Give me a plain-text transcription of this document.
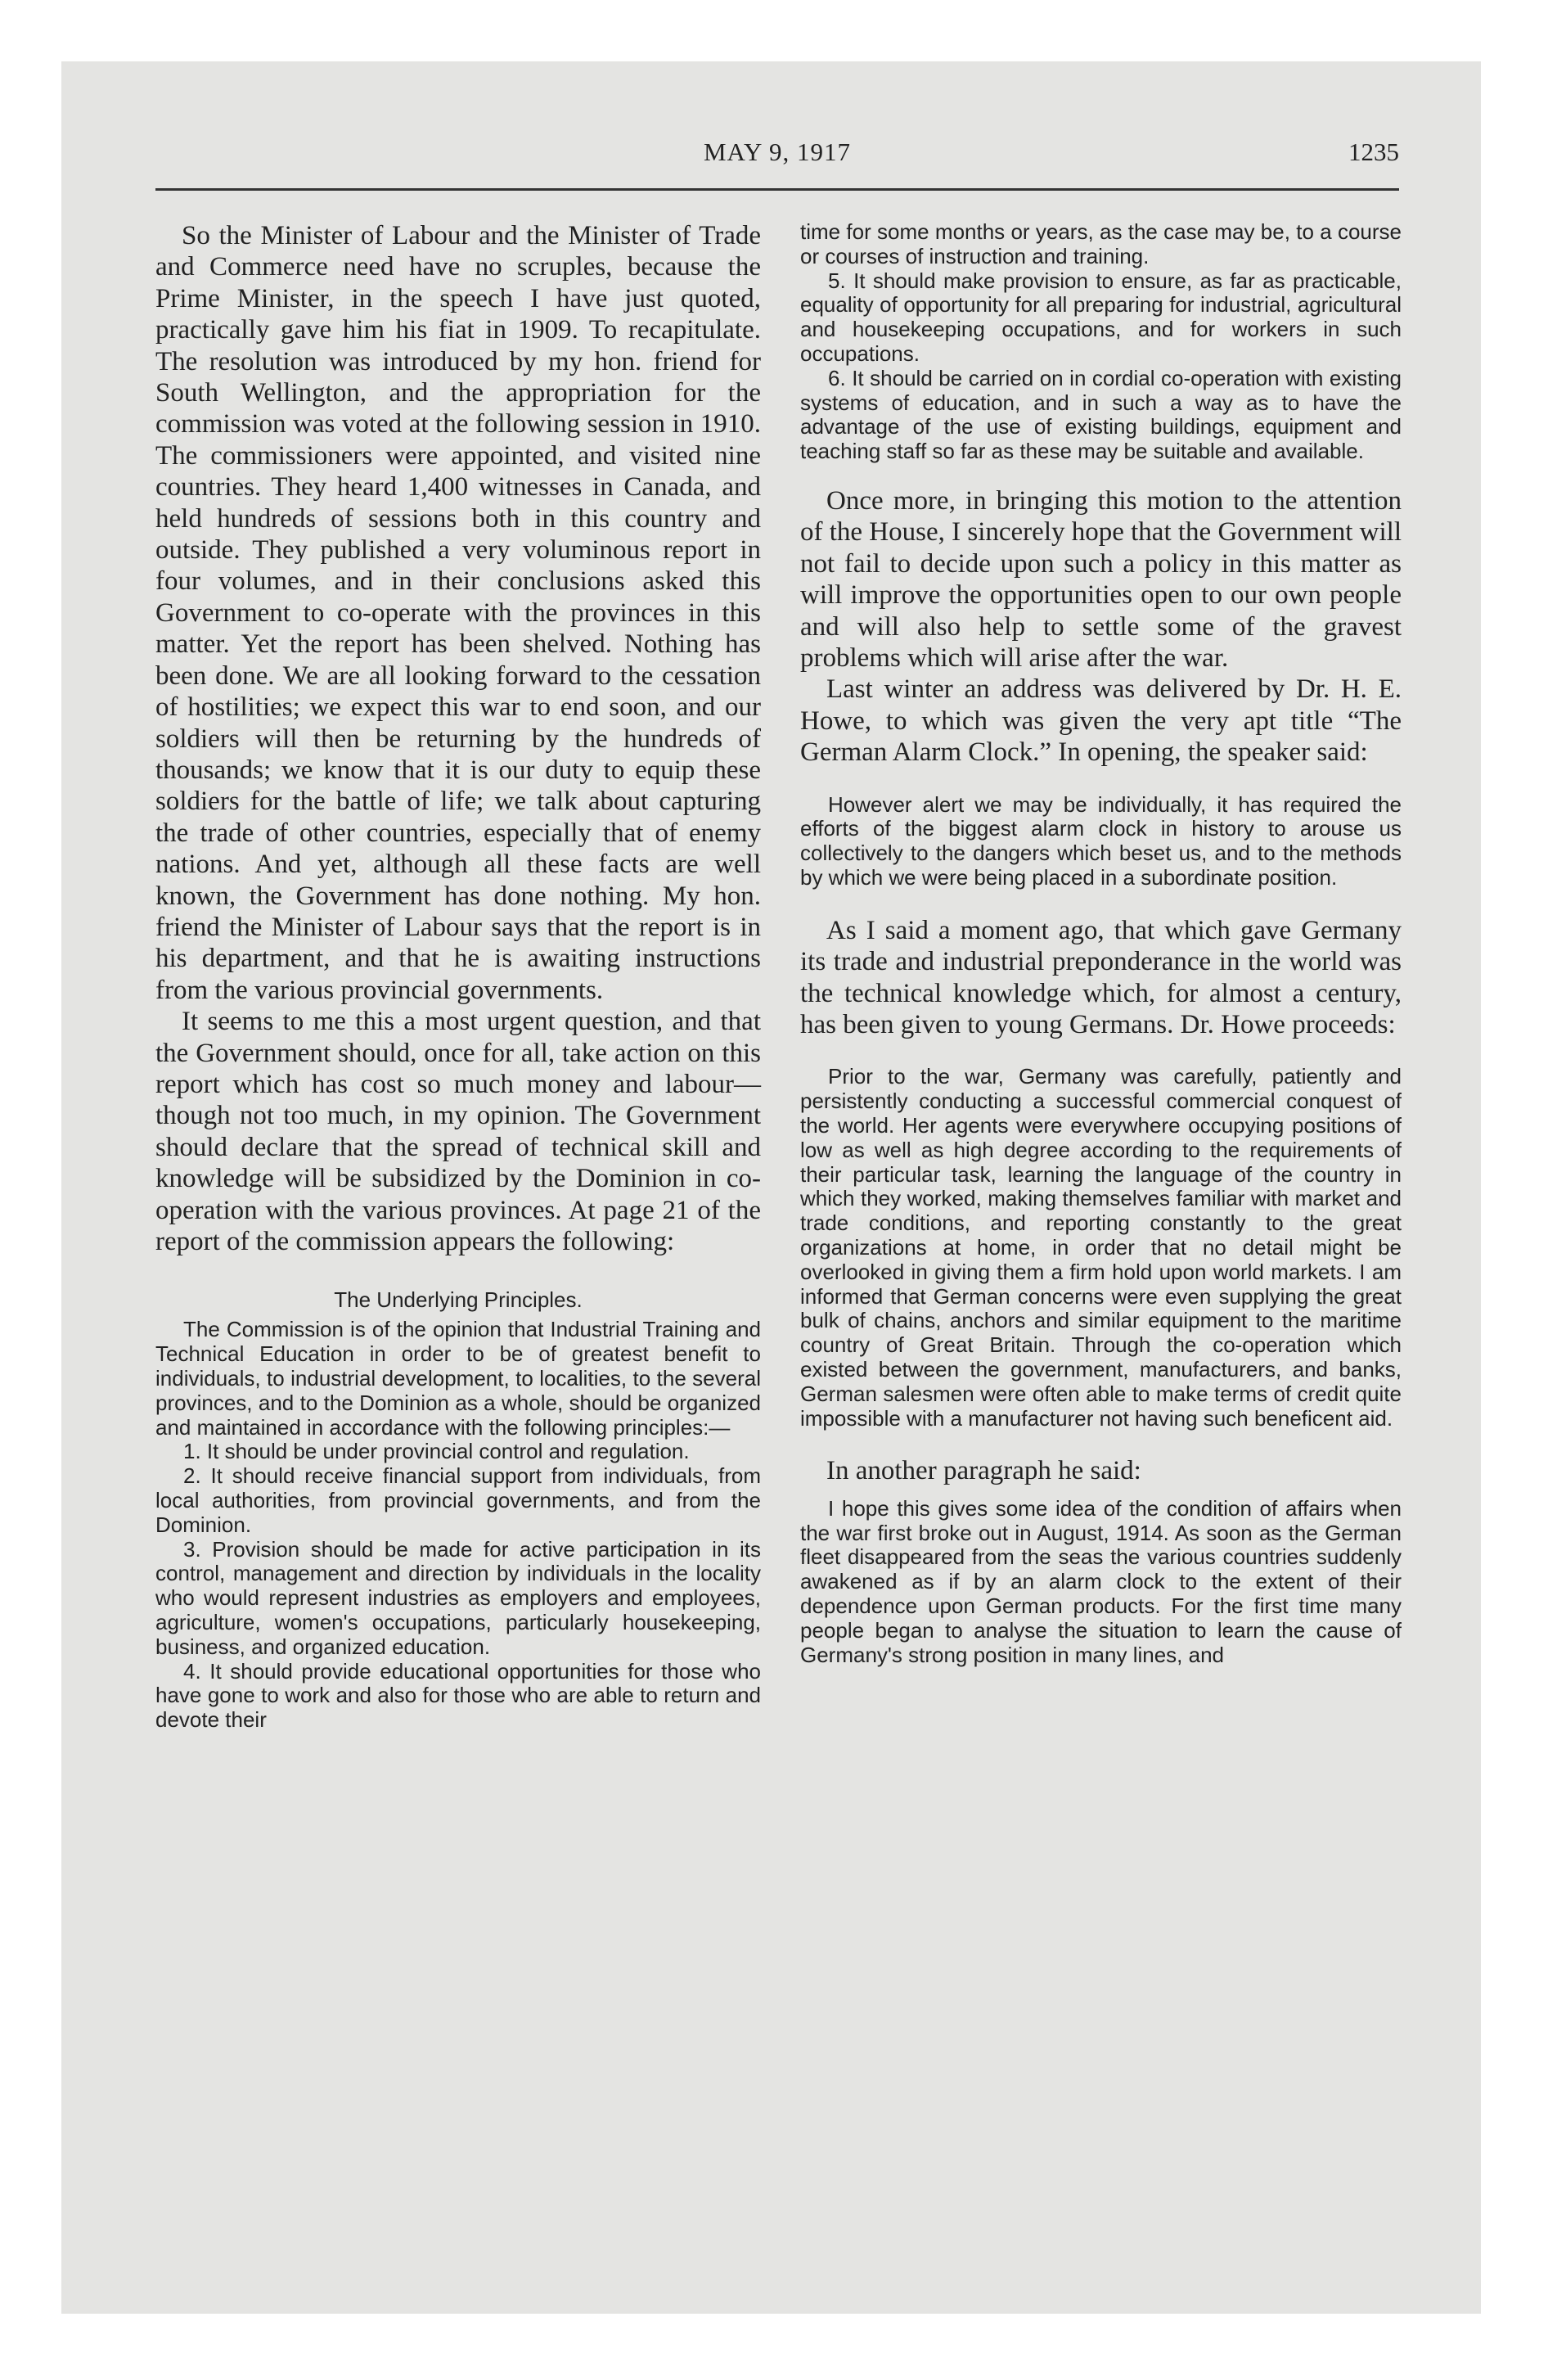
MAY 9, 1917	1235

So the Minister of Labour and the Minister of Trade and Commerce need have no scruples, because the Prime Minister, in the speech I have just quoted, practically gave him his fiat in 1909. To recapitulate. The resolution was introduced by my hon. friend for South Wellington, and the appropriation for the commission was voted at the following session in 1910. The commissioners were appointed, and visited nine countries. They heard 1,400 witnesses in Canada, and held hundreds of sessions both in this country and outside. They published a very voluminous report in four volumes, and in their conclusions asked this Government to co-operate with the provinces in this matter. Yet the report has been shelved. Nothing has been done. We are all looking forward to the cessation of hostilities; we expect this war to end soon, and our soldiers will then be returning by the hundreds of thousands; we know that it is our duty to equip these soldiers for the battle of life; we talk about capturing the trade of other countries, especially that of enemy nations. And yet, although all these facts are well known, the Government has done nothing. My hon. friend the Minister of Labour says that the report is in his department, and that he is awaiting instructions from the various provincial governments.

It seems to me this a most urgent question, and that the Government should, once for all, take action on this report which has cost so much money and labour—though not too much, in my opinion. The Government should declare that the spread of technical skill and knowledge will be subsidized by the Dominion in co-operation with the various provinces. At page 21 of the report of the commission appears the following:

The Underlying Principles.

The Commission is of the opinion that Industrial Training and Technical Education in order to be of greatest benefit to individuals, to industrial development, to localities, to the several provinces, and to the Dominion as a whole, should be organized and maintained in accordance with the following principles:—

1. It should be under provincial control and regulation.

2. It should receive financial support from individuals, from local authorities, from provincial governments, and from the Dominion.

3. Provision should be made for active participation in its control, management and direction by individuals in the locality who would represent industries as employers and employees, agriculture, women's occupations, particularly housekeeping, business, and organized education.

4. It should provide educational opportunities for those who have gone to work and also for those who are able to return and devote their

time for some months or years, as the case may be, to a course or courses of instruction and training.

5. It should make provision to ensure, as far as practicable, equality of opportunity for all preparing for industrial, agricultural and housekeeping occupations, and for workers in such occupations.

6. It should be carried on in cordial co-operation with existing systems of education, and in such a way as to have the advantage of the use of existing buildings, equipment and teaching staff so far as these may be suitable and available.

Once more, in bringing this motion to the attention of the House, I sincerely hope that the Government will not fail to decide upon such a policy in this matter as will improve the opportunities open to our own people and will also help to settle some of the gravest problems which will arise after the war.

Last winter an address was delivered by Dr. H. E. Howe, to which was given the very apt title “The German Alarm Clock.” In opening, the speaker said:

However alert we may be individually, it has required the efforts of the biggest alarm clock in history to arouse us collectively to the dangers which beset us, and to the methods by which we were being placed in a subordinate position.

As I said a moment ago, that which gave Germany its trade and industrial preponderance in the world was the technical knowledge which, for almost a century, has been given to young Germans. Dr. Howe proceeds:

Prior to the war, Germany was carefully, patiently and persistently conducting a successful commercial conquest of the world. Her agents were everywhere occupying positions of low as well as high degree according to the requirements of their particular task, learning the language of the country in which they worked, making themselves familiar with market and trade conditions, and reporting constantly to the great organizations at home, in order that no detail might be overlooked in giving them a firm hold upon world markets. I am informed that German concerns were even supplying the great bulk of chains, anchors and similar equipment to the maritime country of Great Britain. Through the co-operation which existed between the government, manufacturers, and banks, German salesmen were often able to make terms of credit quite impossible with a manufacturer not having such beneficent aid.

In another paragraph he said:

I hope this gives some idea of the condition of affairs when the war first broke out in August, 1914. As soon as the German fleet disappeared from the seas the various countries suddenly awakened as if by an alarm clock to the extent of their dependence upon German products. For the first time many people began to analyse the situation to learn the cause of Germany's strong position in many lines, and
